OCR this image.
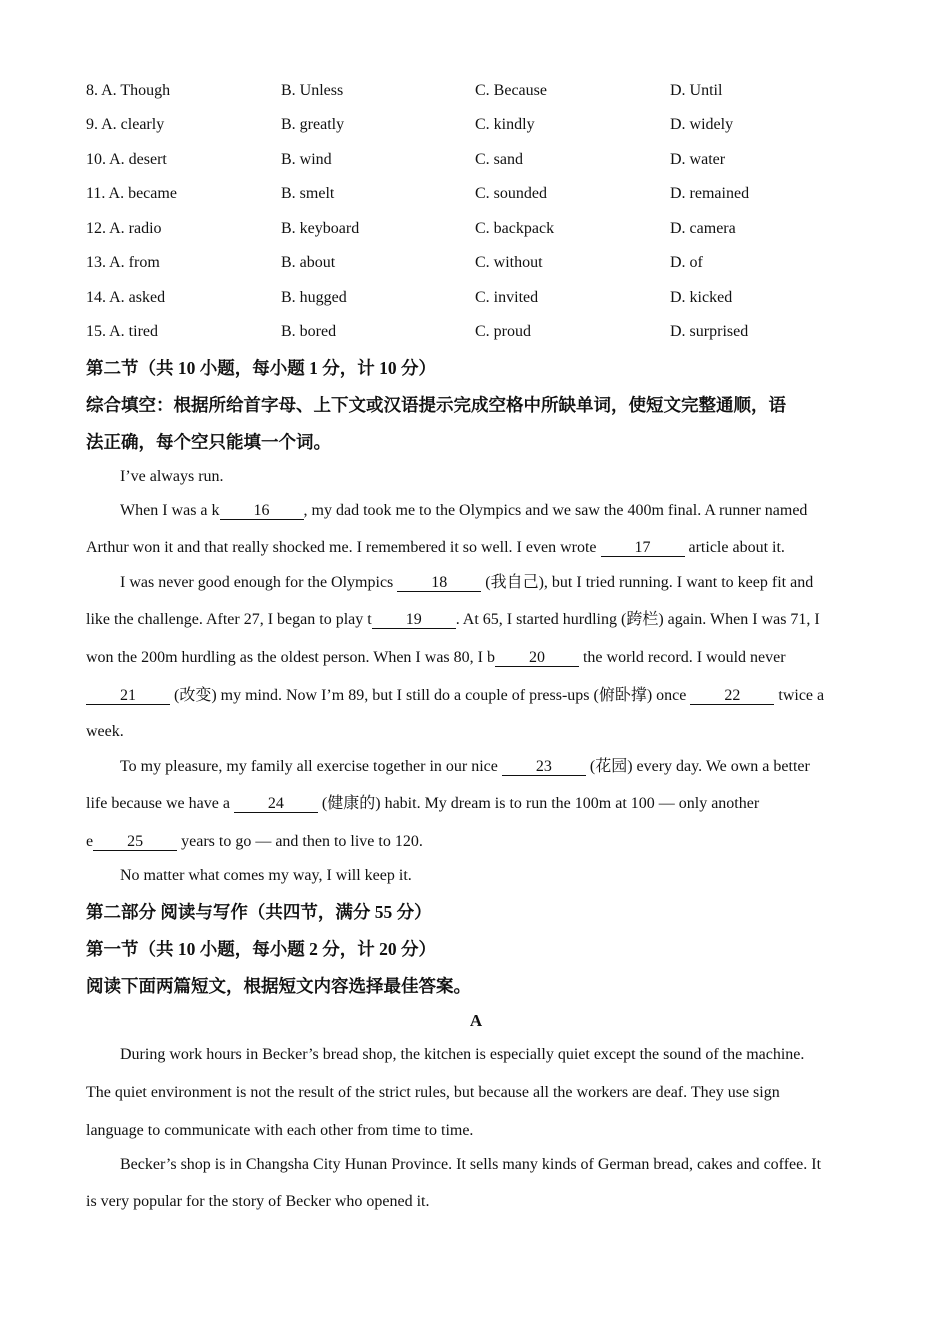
8. A. Though	B. Unless	C. Because	D. Until
9. A. clearly	B. greatly	C. kindly	D. widely
10. A. desert	B. wind	C. sand	D. water
11. A. became	B. smelt	C. sounded	D. remained
12. A. radio	B. keyboard	C. backpack	D. camera
13. A. from	B. about	C. without	D. of
14. A. asked	B. hugged	C. invited	D. kicked
15. A. tired	B. bored	C. proud	D. surprised
第二节（共 10 小题，每小题 1 分，计 10 分）
综合填空：根据所给首字母、上下文或汉语提示完成空格中所缺单词，使短文完整通顺，语
法正确，每个空只能填一个词。
I’ve always run.
When I was a k 16 , my dad took me to the Olympics and we saw the 400m final. A runner named
Arthur won it and that really shocked me. I remembered it so well. I even wrote 17 article about it.
I was never good enough for the Olympics 18 (我自己), but I tried running. I want to keep fit and
like the challenge. After 27, I began to play t 19 . At 65, I started hurdling (跨栏) again. When I was 71, I
won the 200m hurdling as the oldest person. When I was 80, I b 20 the world record. I would never
21 (改变) my mind. Now I’m 89, but I still do a couple of press-ups (俯卧撑) once 22 twice a
week.
To my pleasure, my family all exercise together in our nice 23 (花园) every day. We own a better
life because we have a 24 (健康的) habit. My dream is to run the 100m at 100 — only another
e 25 years to go — and then to live to 120.
No matter what comes my way, I will keep it.
第二部分 阅读与写作（共四节，满分 55 分）
第一节（共 10 小题，每小题 2 分，计 20 分）
阅读下面两篇短文，根据短文内容选择最佳答案。
A
During work hours in Becker’s bread shop, the kitchen is especially quiet except the sound of the machine.
The quiet environment is not the result of the strict rules, but because all the workers are deaf. They use sign
language to communicate with each other from time to time.
Becker’s shop is in Changsha City Hunan Province. It sells many kinds of German bread, cakes and coffee. It
is very popular for the story of Becker who opened it.
